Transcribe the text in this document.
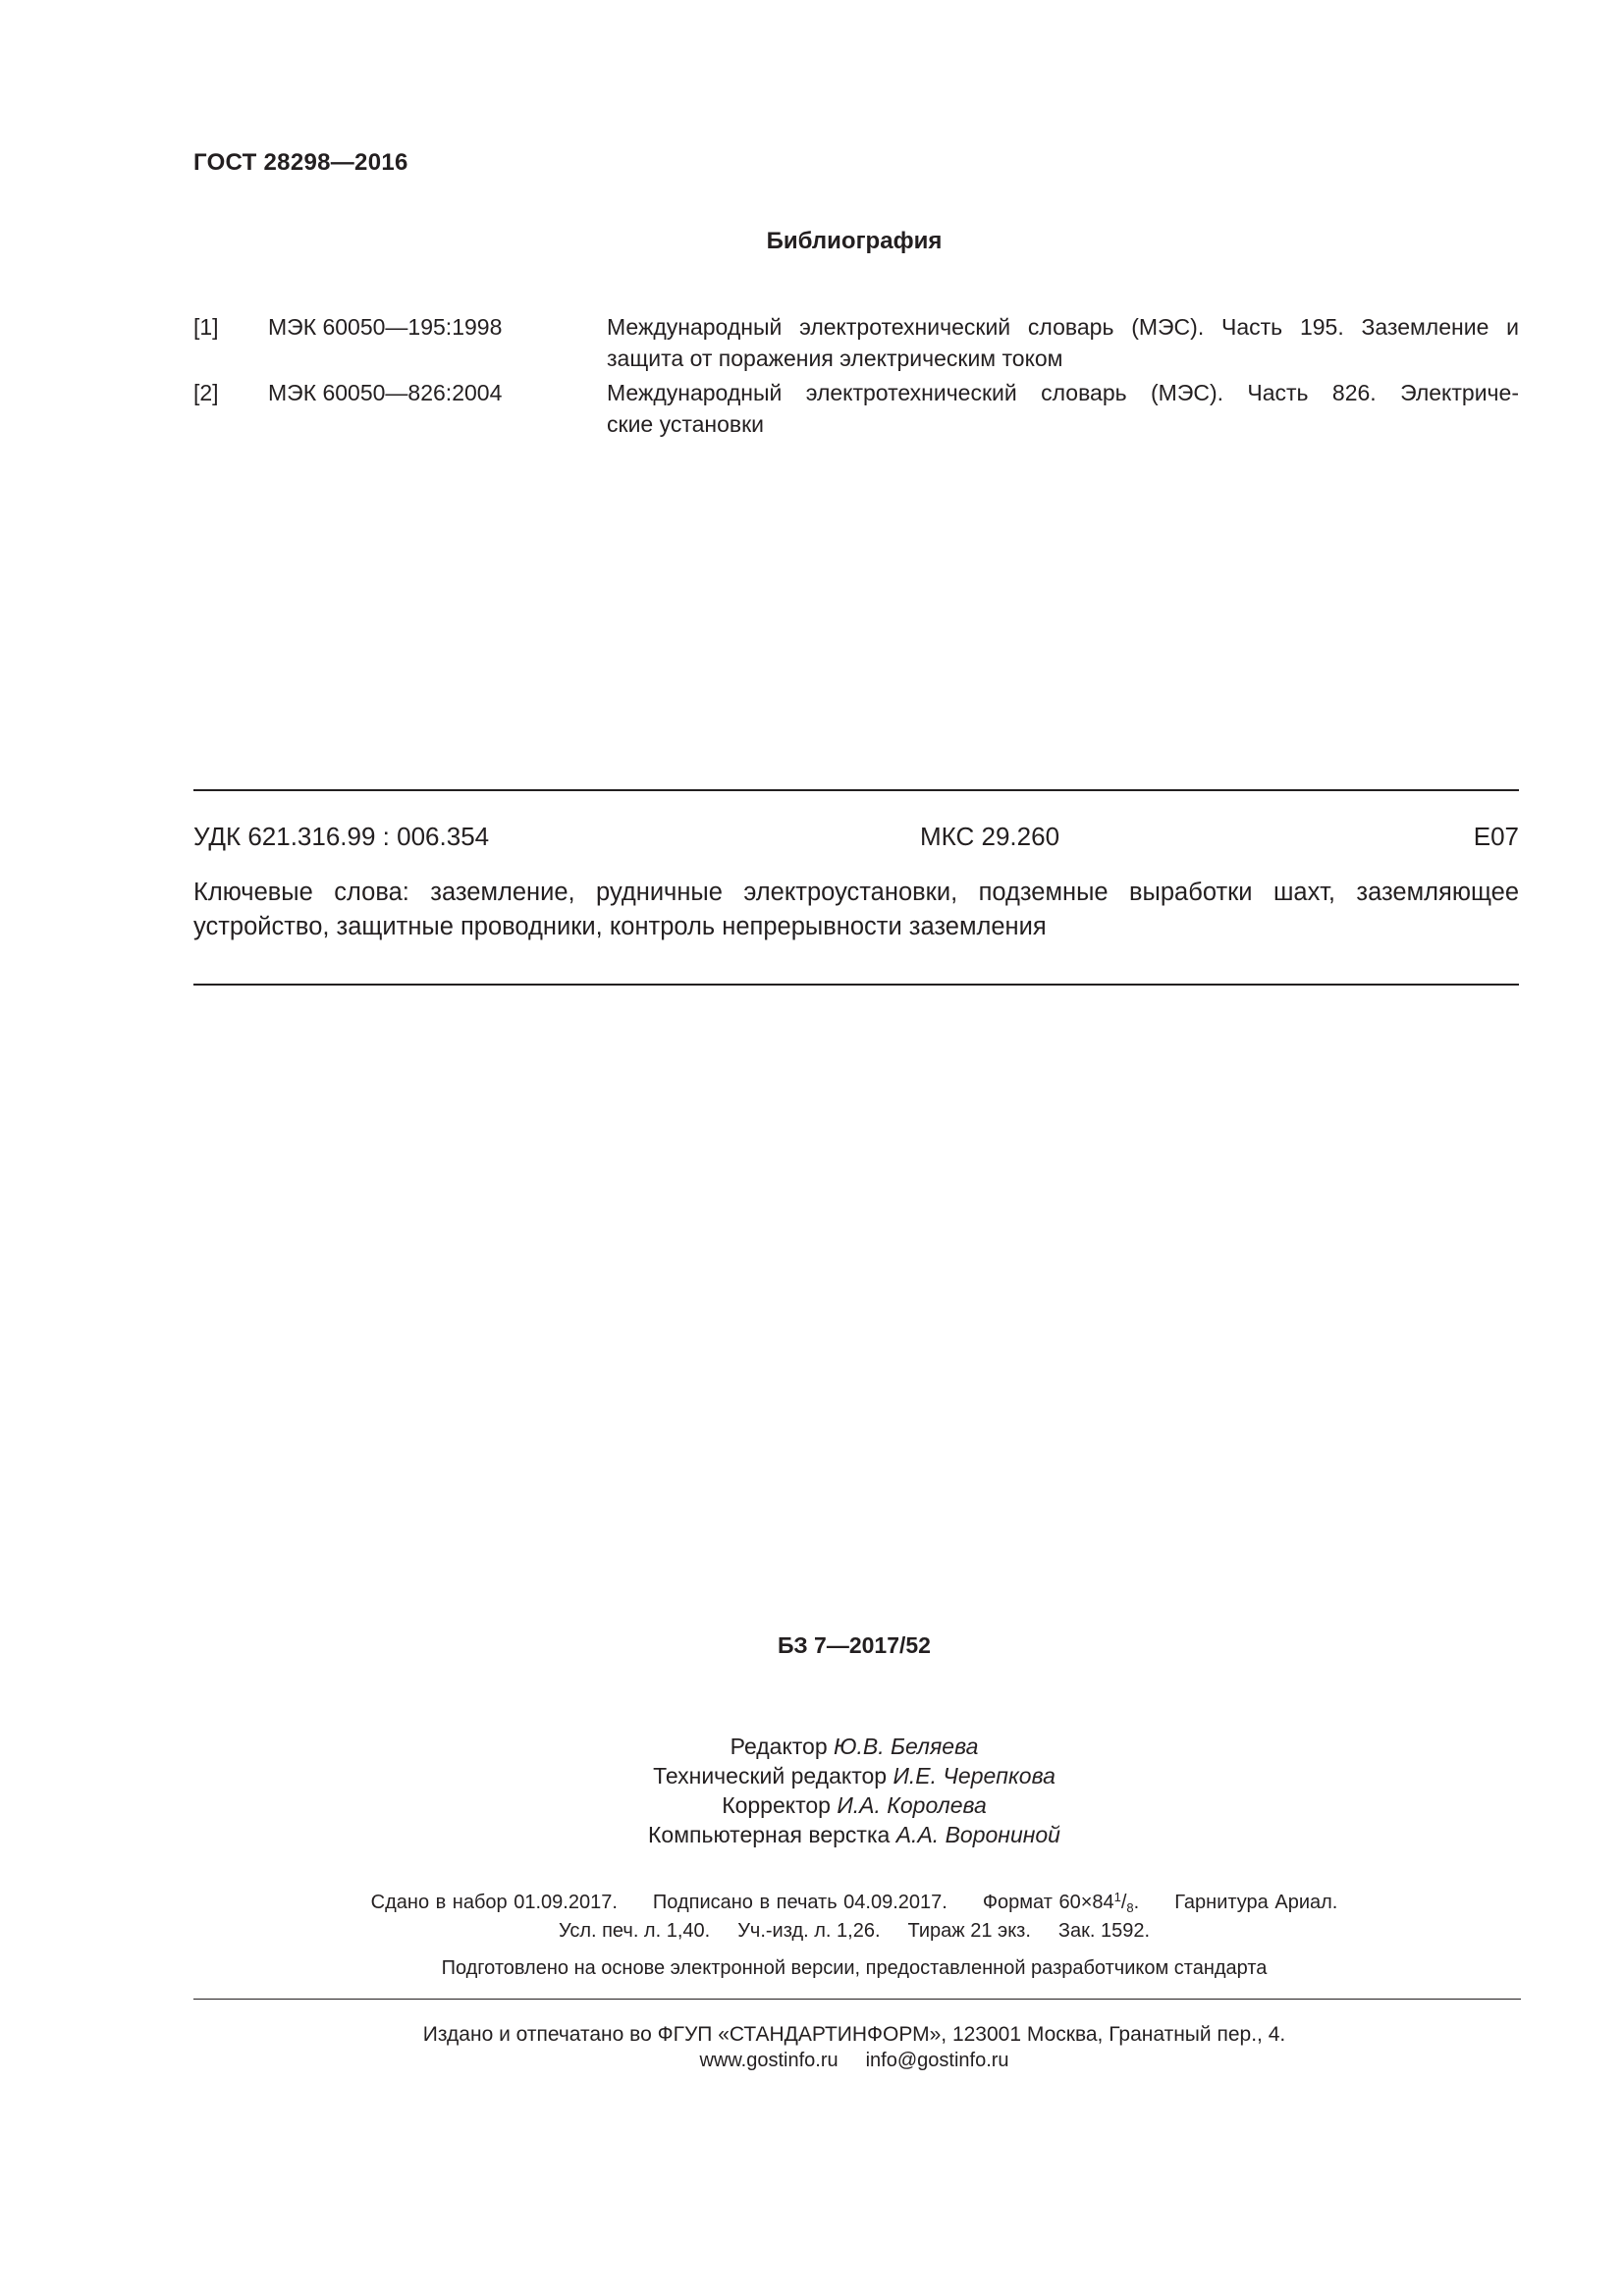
ГОСТ 28298—2016
Библиография
[1] МЭК 60050—195:1998	Международный электротехнический словарь (МЭС). Часть 195. Заземление и
защита от поражения электрическим током
[2] МЭК 60050—826:2004	Международный электротехнический словарь (МЭС). Часть 826. Электриче-
ские установки
УДК 621.316.99 : 006.354	МКС 29.260	Е07
Ключевые слова: заземление, рудничные электроустановки, подземные выработки шахт, заземляющее
устройство, защитные проводники, контроль непрерывности заземления
БЗ 7—2017/52
Редактор Ю.В. Беляева
Технический редактор И.Е. Черепкова
Корректор И.А. Королева
Компьютерная верстка А.А. Ворониной
Сдано в набор 01.09.2017. Подписано в печать 04.09.2017. Формат $60\times 84^1/_8$. Гарнитура Ариал.
Усл. печ. л. 1,40. Уч.-изд. л. 1,26. Тираж 21 экз. Зак. 1592.
Подготовлено на основе электронной версии, предоставленной разработчиком стандарта
Издано и отпечатано во ФГУП «СТАНДАРТИНФОРМ», 123001 Москва, Гранатный пер., 4.
www.gostinfo.ru info@gostinfo.ru
